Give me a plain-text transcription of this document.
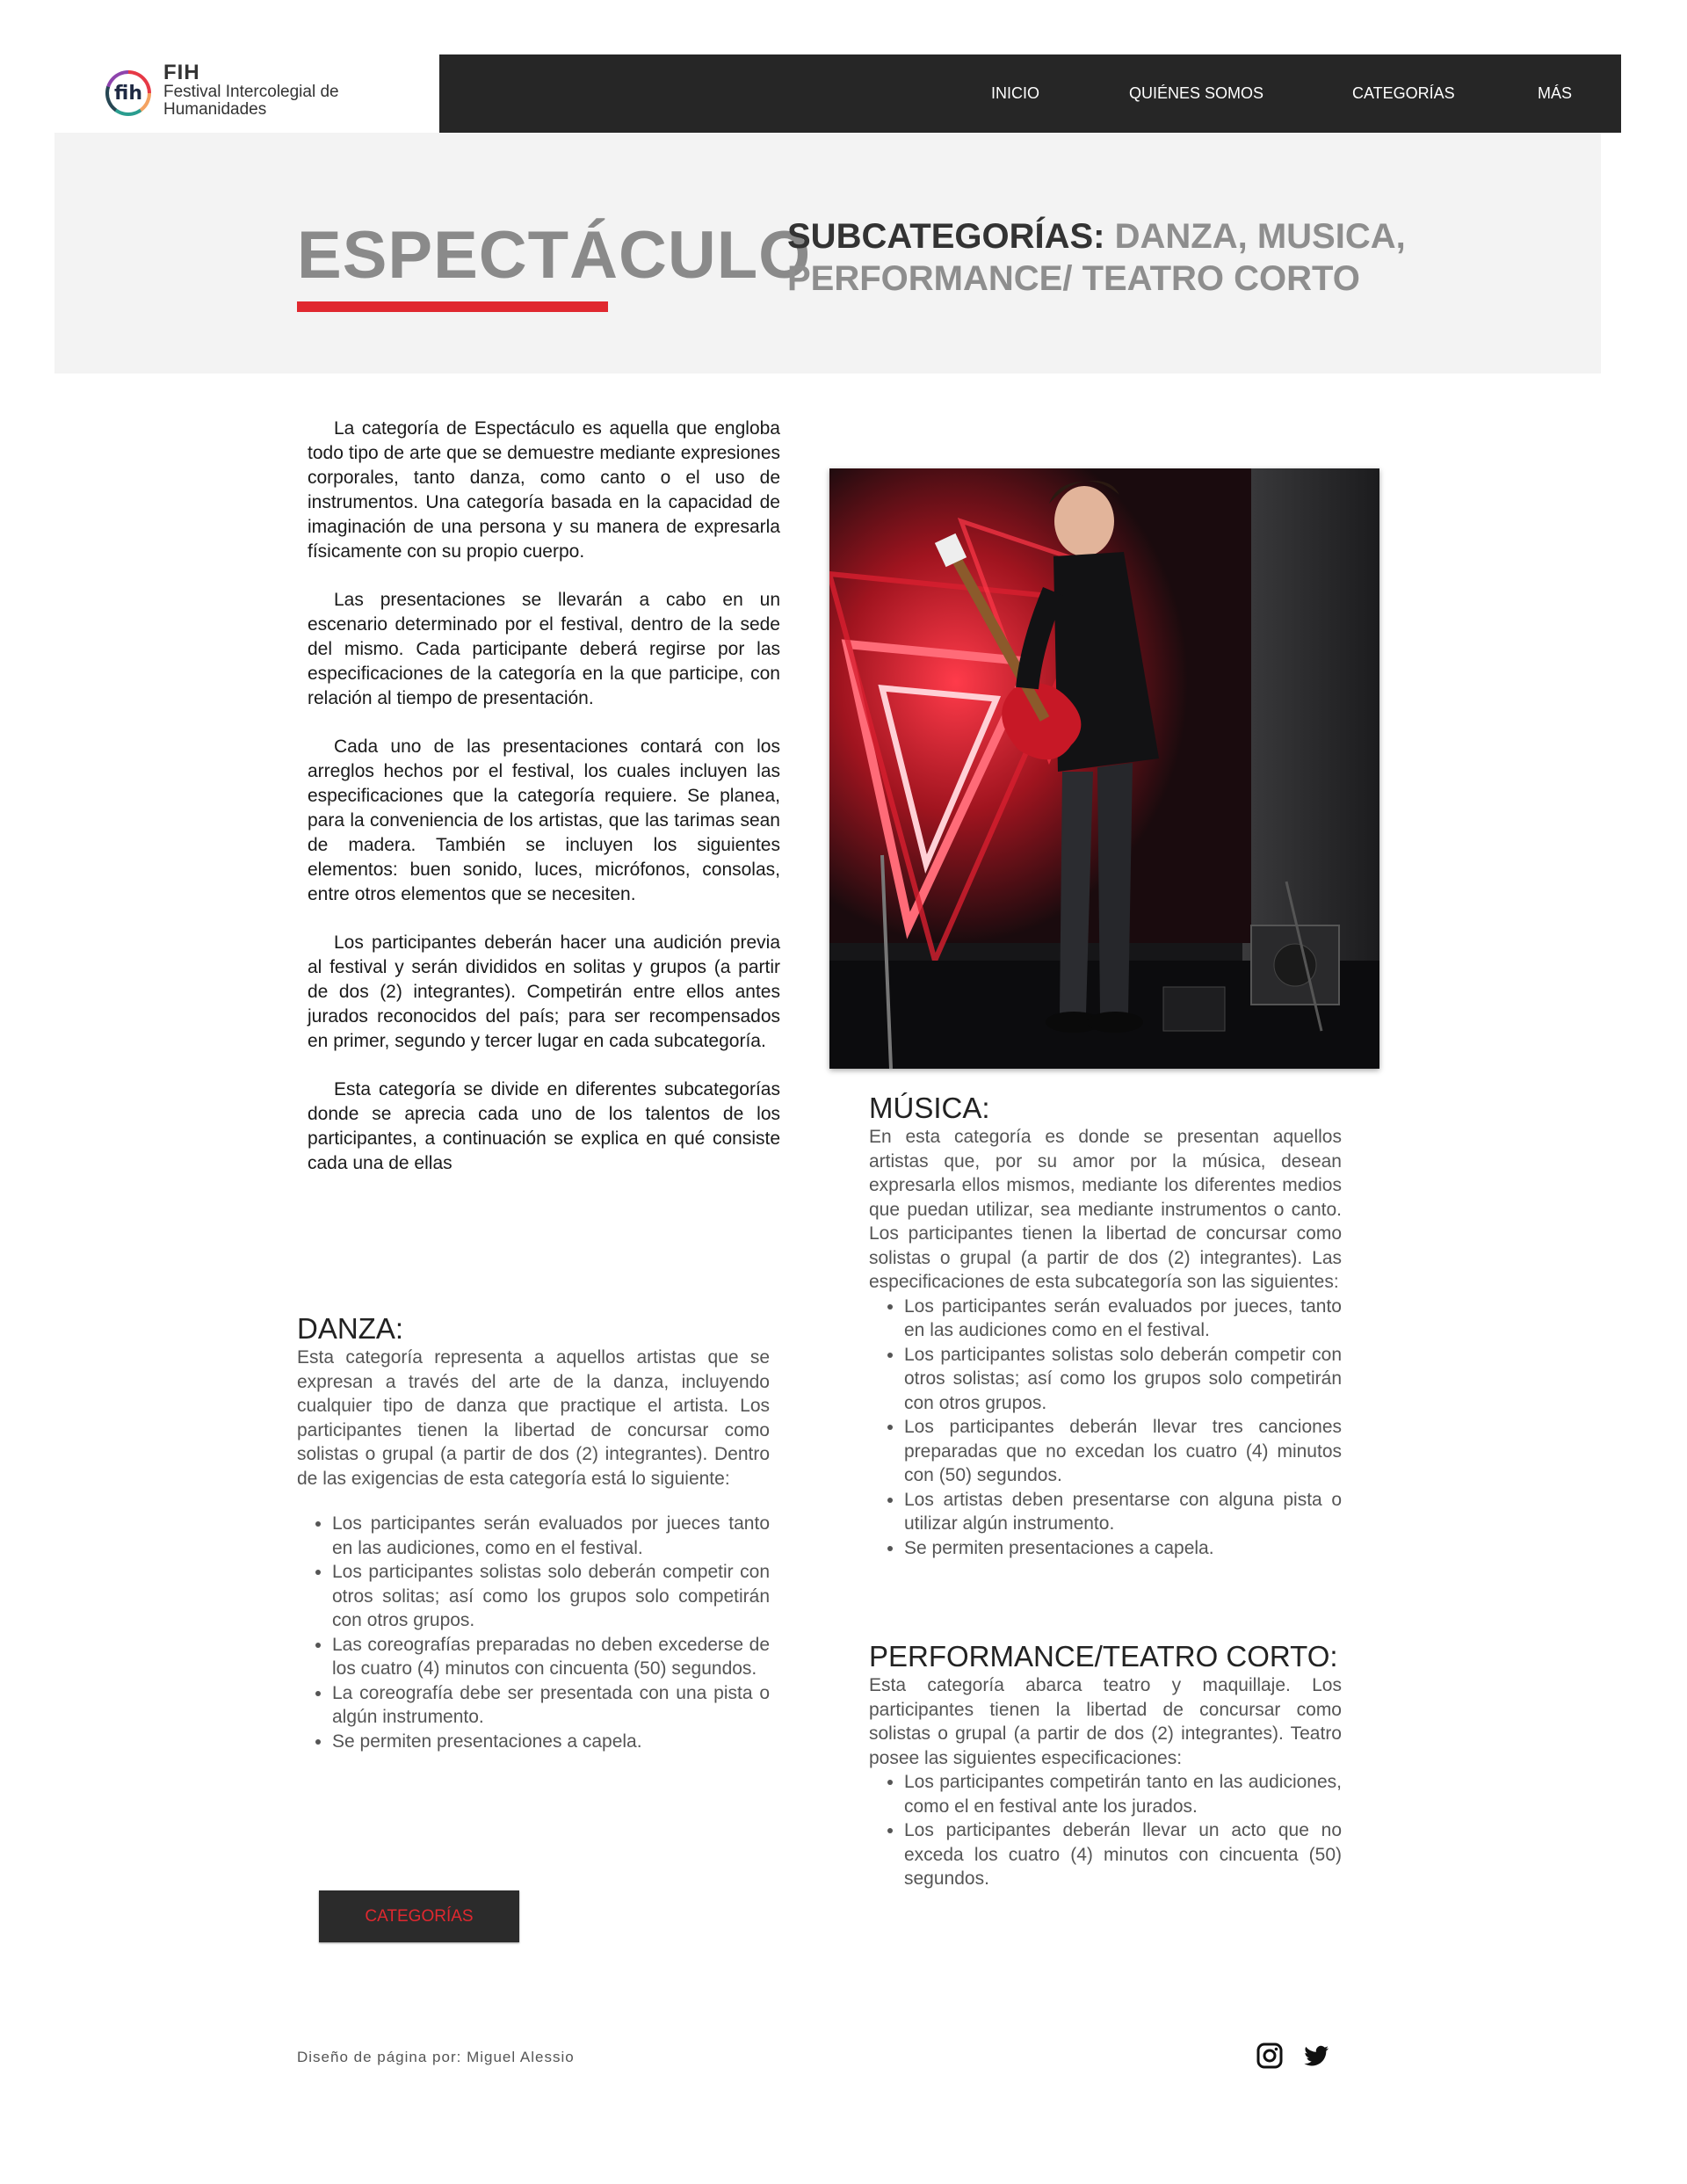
fih
FIH
Festival Intercolegial de Humanidades
INICIO	QUIÉNES SOMOS	CATEGORÍAS	MÁS
ESPECTÁCULO
SUBCATEGORÍAS: DANZA, MUSICA, PERFORMANCE/ TEATRO CORTO

La categoría de Espectáculo es aquella que engloba todo tipo de arte que se demuestre mediante expresiones corporales, tanto danza, como canto o el uso de instrumentos. Una categoría basada en la capacidad de imaginación de una persona y su manera de expresarla físicamente con su propio cuerpo.

Las presentaciones se llevarán a cabo en un escenario determinado por el festival, dentro de la sede del mismo. Cada participante deberá regirse por las especificaciones de la categoría en la que participe, con relación al tiempo de presentación.

Cada uno de las presentaciones contará con los arreglos hechos por el festival, los cuales incluyen las especificaciones que la categoría requiere. Se planea, para la conveniencia de los artistas, que las tarimas sean de madera. También se incluyen los siguientes elementos: buen sonido, luces, micrófonos, consolas, entre otros elementos que se necesiten.

Los participantes deberán hacer una audición previa al festival y serán divididos en solitas y grupos (a partir de dos (2) integrantes). Competirán entre ellos antes jurados reconocidos del país; para ser recompensados en primer, segundo y tercer lugar en cada subcategoría.

Esta categoría se divide en diferentes subcategorías donde se aprecia cada uno de los talentos de los participantes, a continuación se explica en qué consiste cada una de ellas

DANZA:
Esta categoría representa a aquellos artistas que se expresan a través del arte de la danza, incluyendo cualquier tipo de danza que practique el artista. Los participantes tienen la libertad de concursar como solistas o grupal (a partir de dos (2) integrantes). Dentro de las exigencias de esta categoría está lo siguiente:
• Los participantes serán evaluados por jueces tanto en las audiciones, como en el festival.
• Los participantes solistas solo deberán competir con otros solitas; así como los grupos solo competirán con otros grupos.
• Las coreografías preparadas no deben excederse de los cuatro (4) minutos con cincuenta (50) segundos.
• La coreografía debe ser presentada con una pista o algún instrumento.
• Se permiten presentaciones a capela.
MÚSICA:
En esta categoría es donde se presentan aquellos artistas que, por su amor por la música, desean expresarla ellos mismos, mediante los diferentes medios que puedan utilizar, sea mediante instrumentos o canto. Los participantes tienen la libertad de concursar como solistas o grupal (a partir de dos (2) integrantes). Las especificaciones de esta subcategoría son las siguientes:
• Los participantes serán evaluados por jueces, tanto en las audiciones como en el festival.
• Los participantes solistas solo deberán competir con otros solistas; así como los grupos solo competirán con otros grupos.
• Los participantes deberán llevar tres canciones preparadas que no excedan los cuatro (4) minutos con (50) segundos.
• Los artistas deben presentarse con alguna pista o utilizar algún instrumento.
• Se permiten presentaciones a capela.
PERFORMANCE/TEATRO CORTO:
Esta categoría abarca teatro y maquillaje. Los participantes tienen la libertad de concursar como solistas o grupal (a partir de dos (2) integrantes). Teatro posee las siguientes especificaciones:
• Los participantes competirán tanto en las audiciones, como el en festival ante los jurados.
• Los participantes deberán llevar un acto que no exceda los cuatro (4) minutos con cincuenta (50) segundos.
CATEGORÍAS
Diseño de página por: Miguel Alessio
